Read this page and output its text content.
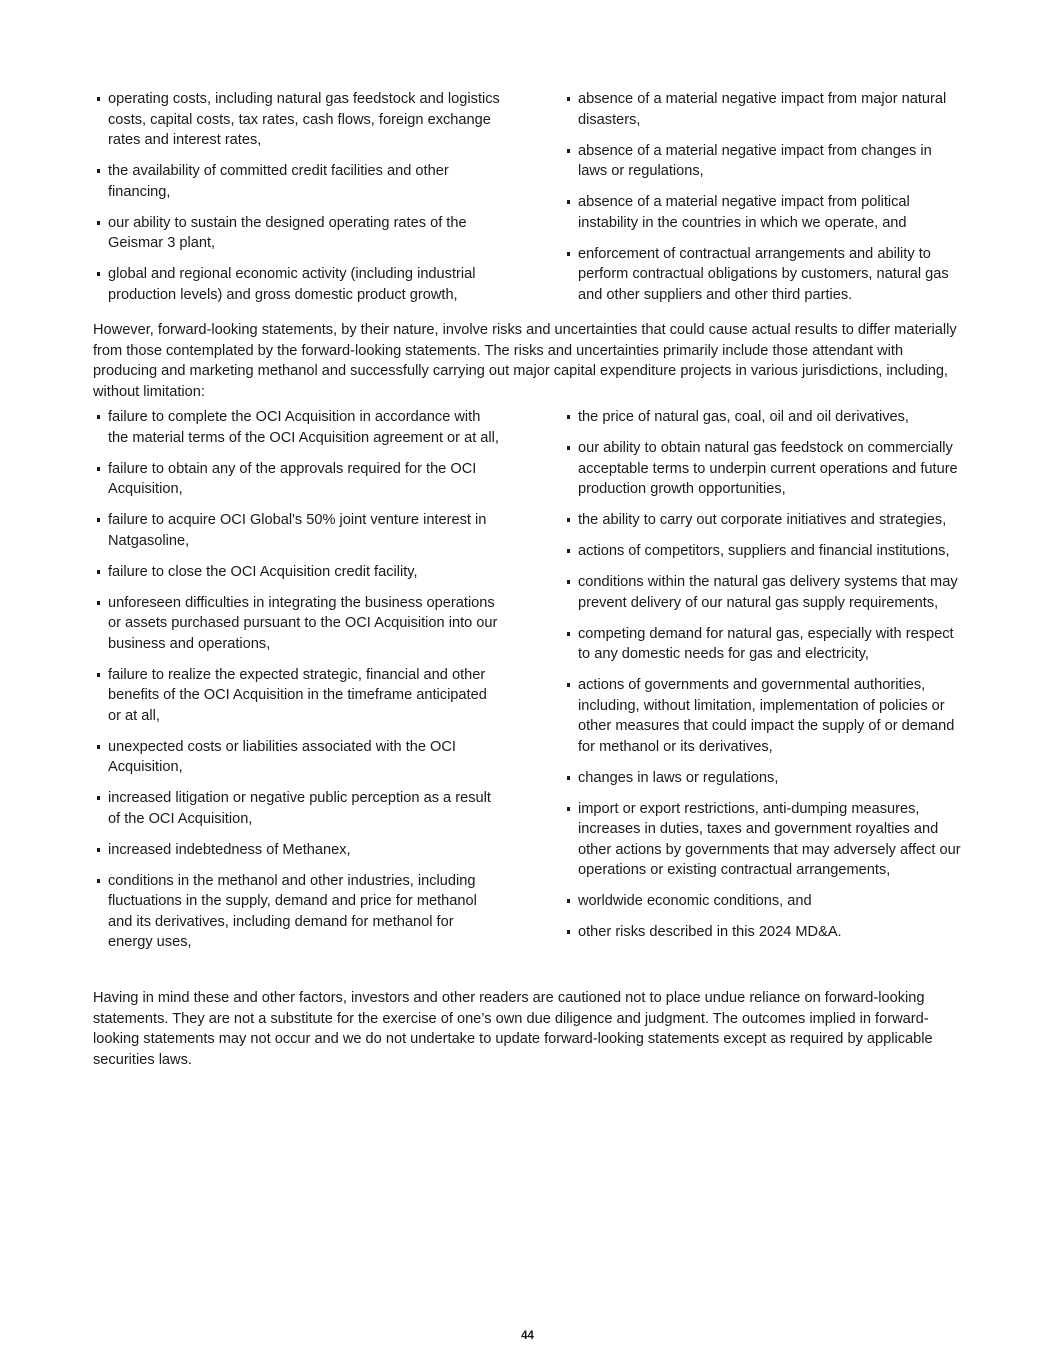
operating costs, including natural gas feedstock and logistics costs, capital costs, tax rates, cash flows, foreign exchange rates and interest rates,
the availability of committed credit facilities and other financing,
our ability to sustain the designed operating rates of the Geismar 3 plant,
global and regional economic activity (including industrial production levels) and gross domestic product growth,
absence of a material negative impact from major natural disasters,
absence of a material negative impact from changes in laws or regulations,
absence of a material negative impact from political instability in the countries in which we operate, and
enforcement of contractual arrangements and ability to perform contractual obligations by customers, natural gas and other suppliers and other third parties.

However, forward-looking statements, by their nature, involve risks and uncertainties that could cause actual results to differ materially from those contemplated by the forward-looking statements. The risks and uncertainties primarily include those attendant with producing and marketing methanol and successfully carrying out major capital expenditure projects in various jurisdictions, including, without limitation:

failure to complete the OCI Acquisition in accordance with the material terms of the OCI Acquisition agreement or at all,
failure to obtain any of the approvals required for the OCI Acquisition,
failure to acquire OCI Global's 50% joint venture interest in Natgasoline,
failure to close the OCI Acquisition credit facility,
unforeseen difficulties in integrating the business operations or assets purchased pursuant to the OCI Acquisition into our business and operations,
failure to realize the expected strategic, financial and other benefits of the OCI Acquisition in the timeframe anticipated or at all,
unexpected costs or liabilities associated with the OCI Acquisition,
increased litigation or negative public perception as a result of the OCI Acquisition,
increased indebtedness of Methanex,
conditions in the methanol and other industries, including fluctuations in the supply, demand and price for methanol and its derivatives, including demand for methanol for energy uses,
the price of natural gas, coal, oil and oil derivatives,
our ability to obtain natural gas feedstock on commercially acceptable terms to underpin current operations and future production growth opportunities,
the ability to carry out corporate initiatives and strategies,
actions of competitors, suppliers and financial institutions,
conditions within the natural gas delivery systems that may prevent delivery of our natural gas supply requirements,
competing demand for natural gas, especially with respect to any domestic needs for gas and electricity,
actions of governments and governmental authorities, including, without limitation, implementation of policies or other measures that could impact the supply of or demand for methanol or its derivatives,
changes in laws or regulations,
import or export restrictions, anti-dumping measures, increases in duties, taxes and government royalties and other actions by governments that may adversely affect our operations or existing contractual arrangements,
worldwide economic conditions, and
other risks described in this 2024 MD&A.

Having in mind these and other factors, investors and other readers are cautioned not to place undue reliance on forward-looking statements. They are not a substitute for the exercise of one’s own due diligence and judgment. The outcomes implied in forward-looking statements may not occur and we do not undertake to update forward-looking statements except as required by applicable securities laws.

44
